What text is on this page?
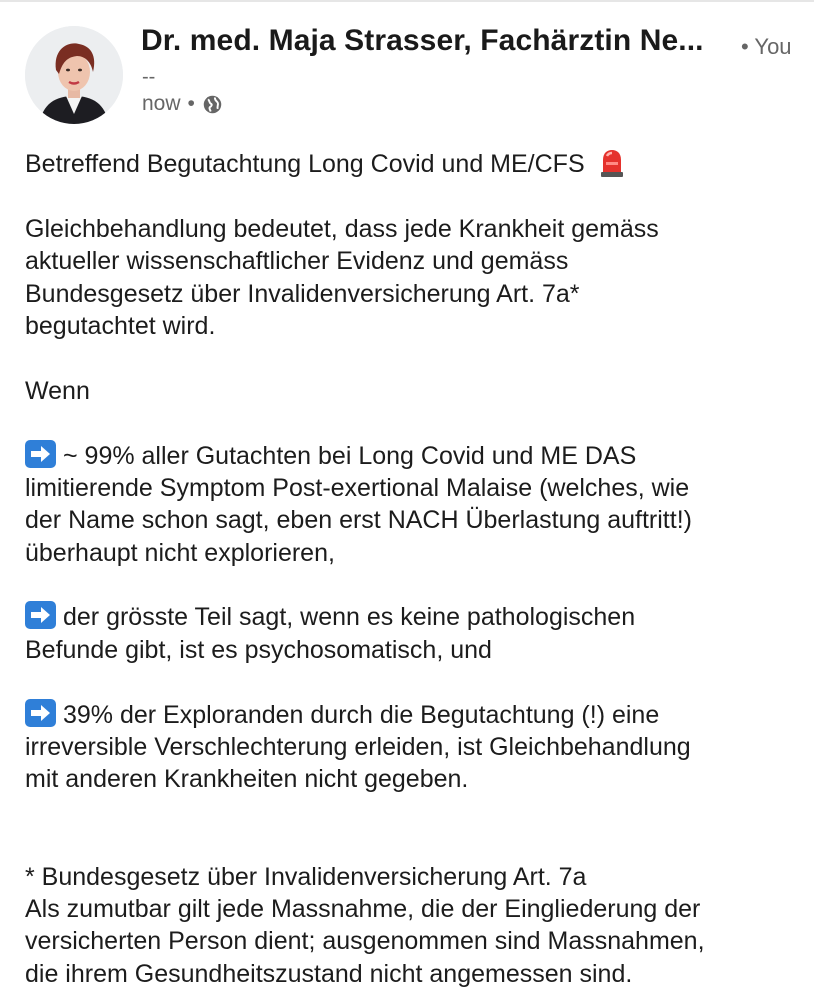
Dr. med. Maja Strasser, Fachärztin Ne... • You
--
now •
Betreffend Begutachtung Long Covid und ME/CFS
Gleichbehandlung bedeutet, dass jede Krankheit gemäss
aktueller wissenschaftlicher Evidenz und gemäss
Bundesgesetz über Invalidenversicherung Art. 7a*
begutachtet wird.
Wenn
~ 99% aller Gutachten bei Long Covid und ME DAS
limitierende Symptom Post-exertional Malaise (welches, wie
der Name schon sagt, eben erst NACH Überlastung auftritt!)
überhaupt nicht explorieren,
der grösste Teil sagt, wenn es keine pathologischen
Befunde gibt, ist es psychosomatisch, und
39% der Exploranden durch die Begutachtung (!) eine
irreversible Verschlechterung erleiden, ist Gleichbehandlung
mit anderen Krankheiten nicht gegeben.
* Bundesgesetz über Invalidenversicherung Art. 7a
Als zumutbar gilt jede Massnahme, die der Eingliederung der
versicherten Person dient; ausgenommen sind Massnahmen,
die ihrem Gesundheitszustand nicht angemessen sind.
